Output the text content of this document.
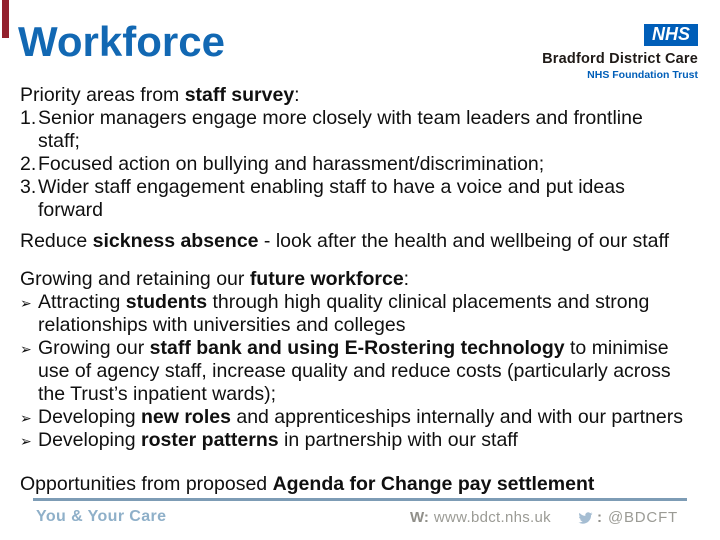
Workforce	NHS
Bradford District Care
NHS Foundation Trust
Priority areas from staff survey:
1. Senior managers engage more closely with team leaders and frontline staff;
2. Focused action on bullying and harassment/discrimination;
3. Wider staff engagement enabling staff to have a voice and put ideas forward
Reduce sickness absence - look after the health and wellbeing of our staff
Growing and retaining our future workforce:
➢ Attracting students through high quality clinical placements and strong relationships with universities and colleges
➢ Growing our staff bank and using E-Rostering technology to minimise use of agency staff, increase quality and reduce costs (particularly across the Trust’s inpatient wards);
➢ Developing new roles and apprenticeships internally and with our partners
➢ Developing roster patterns in partnership with our staff
Opportunities from proposed Agenda for Change pay settlement
You & Your Care	W: www.bdct.nhs.uk	: @BDCFT
